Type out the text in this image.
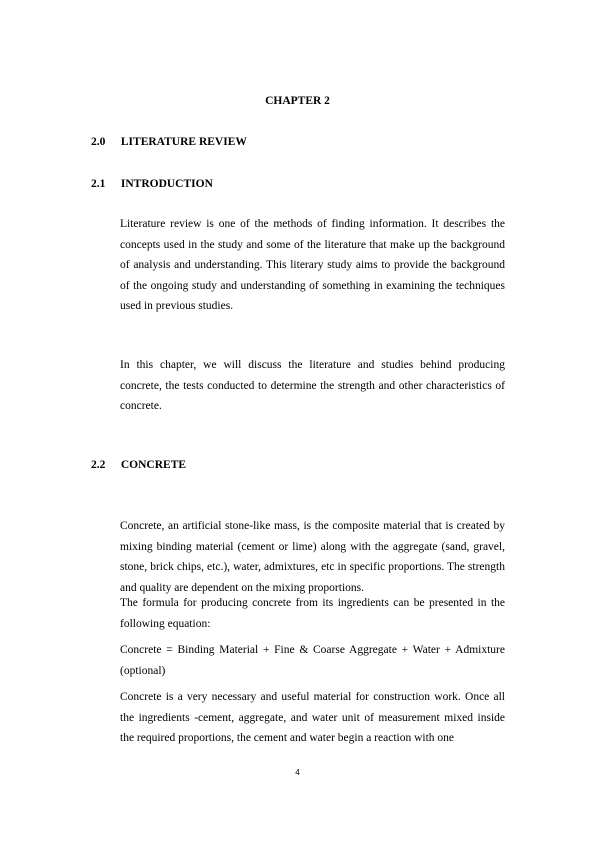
CHAPTER 2
2.0 LITERATURE REVIEW
2.1 INTRODUCTION

Literature review is one of the methods of finding information. It describes the concepts used in the study and some of the literature that make up the background of analysis and understanding. This literary study aims to provide the background of the ongoing study and understanding of something in examining the techniques used in previous studies.

In this chapter, we will discuss the literature and studies behind producing concrete, the tests conducted to determine the strength and other characteristics of concrete.

2.2 CONCRETE

Concrete, an artificial stone-like mass, is the composite material that is created by mixing binding material (cement or lime) along with the aggregate (sand, gravel, stone, brick chips, etc.), water, admixtures, etc in specific proportions. The strength and quality are dependent on the mixing proportions.

The formula for producing concrete from its ingredients can be presented in the following equation:

Concrete = Binding Material + Fine & Coarse Aggregate + Water + Admixture (optional)

Concrete is a very necessary and useful material for construction work. Once all the ingredients -cement, aggregate, and water unit of measurement mixed inside the required proportions, the cement and water begin a reaction with one

4
